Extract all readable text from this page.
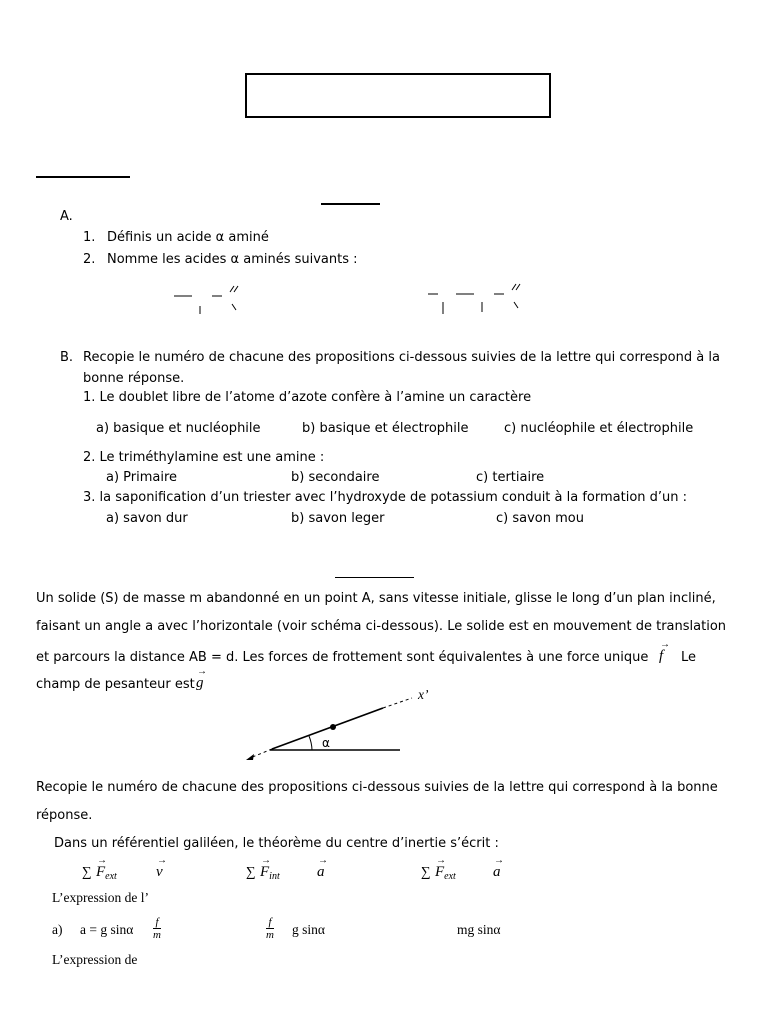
A.
1. Définis un acide α aminé
2. Nomme les acides α aminés suivants :
B. Recopie le numéro de chacune des propositions ci-dessous suivies de la lettre qui correspond à la
bonne réponse.
1. Le doublet libre de l’atome d’azote confère à l’amine un caractère
a) basique et nucléophile	b) basique et électrophile	c) nucléophile et électrophile
2. Le triméthylamine est une amine :
a) Primaire	b) secondaire	c) tertiaire
3. la saponification d’un triester avec l’hydroxyde de potassium conduit à la formation d’un :
a) savon dur	b) savon leger	c) savon mou
Un solide (S) de masse m abandonné en un point A, sans vitesse initiale, glisse le long d’un plan incliné,
faisant un angle a avec l’horizontale (voir schéma ci-dessous). Le solide est en mouvement de translation
et parcours la distance AB = d. Les forces de frottement sont équivalentes à une force unique
→
f Le
champ de pesanteur est
→
g
x’
α
Recopie le numéro de chacune des propositions ci-dessous suivies de la lettre qui correspond à la bonne
réponse.
Dans un référentiel galiléen, le théorème du centre d’inertie s’écrit :
∑
→
$F_{ext}$
→
v	∑
→
$F_{int}$
→
a	∑
→
$F_{ext}$
→
a
L’expression de l’
a) a = g sinα $\frac{f}{m}$	$\frac{f}{m}$ g sinα	mg sinα
L’expression de
